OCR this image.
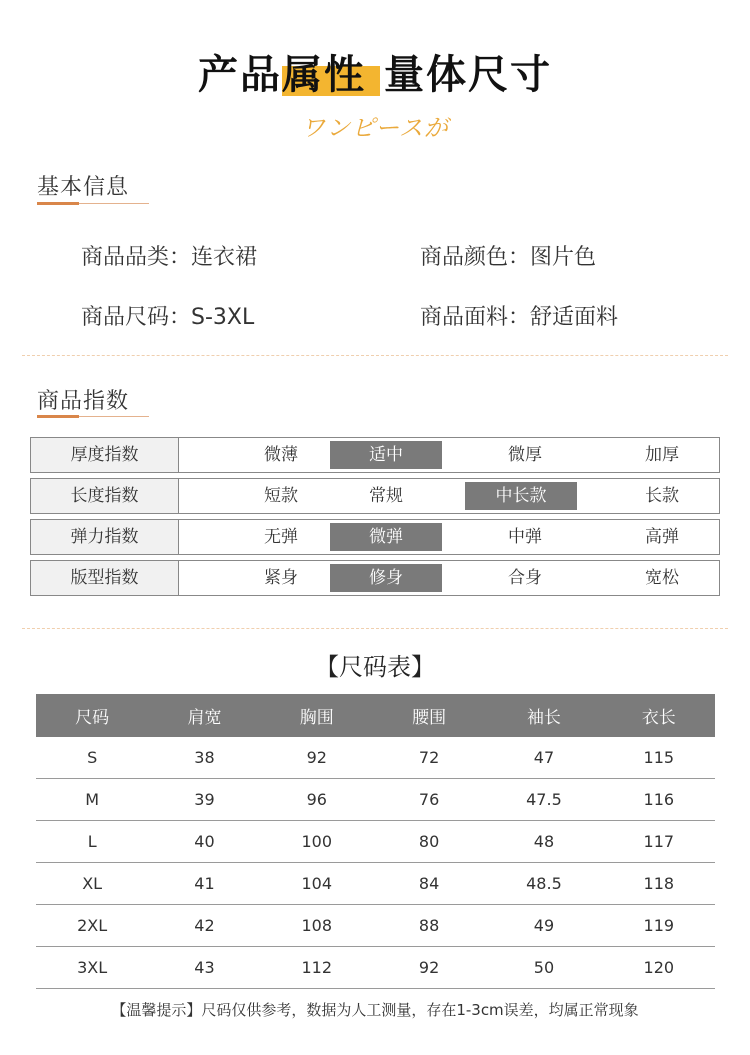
产品属性 量体尺寸
ワンピースが
基本信息
商品品类：连衣裙	商品颜色：图片色
商品尺码：S-3XL	商品面料：舒适面料
商品指数
厚度指数	微薄	适中	微厚	加厚
长度指数	短款	常规	中长款	长款
弹力指数	无弹	微弹	中弹	高弹
版型指数	紧身	修身	合身	宽松
【尺码表】
尺码	肩宽	胸围	腰围	袖长	衣长
S	38	92	72	47	115
M	39	96	76	47.5	116
L	40	100	80	48	117
XL	41	104	84	48.5	118
2XL	42	108	88	49	119
3XL	43	112	92	50	120
【温馨提示】尺码仅供参考，数据为人工测量，存在1-3cm误差，均属正常现象
